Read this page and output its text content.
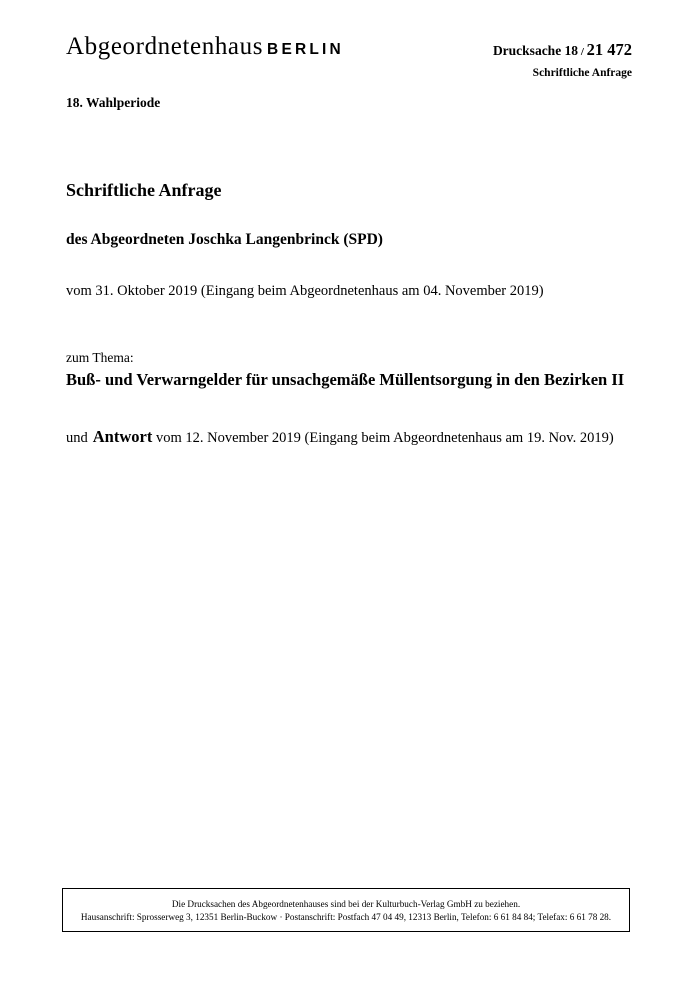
Abgeordnetenhaus BERLIN	Drucksache 18 / 21 472
Schriftliche Anfrage
18. Wahlperiode
Schriftliche Anfrage
des Abgeordneten Joschka Langenbrinck (SPD)
vom 31. Oktober 2019 (Eingang beim Abgeordnetenhaus am 04. November 2019)
zum Thema:
Buß- und Verwarngelder für unsachgemäße Müllentsorgung in den Bezirken II
und Antwort vom 12. November 2019 (Eingang beim Abgeordnetenhaus am 19. Nov. 2019)
Die Drucksachen des Abgeordnetenhauses sind bei der Kulturbuch-Verlag GmbH zu beziehen.
Hausanschrift: Sprosserweg 3, 12351 Berlin-Buckow · Postanschrift: Postfach 47 04 49, 12313 Berlin, Telefon: 6 61 84 84; Telefax: 6 61 78 28.
